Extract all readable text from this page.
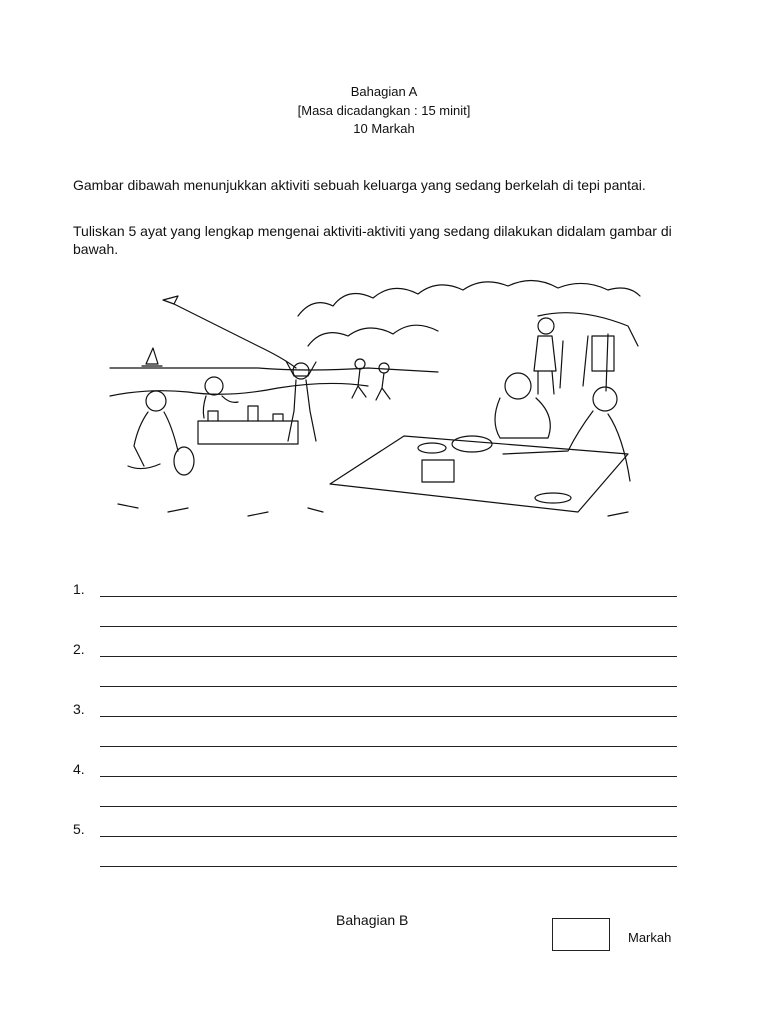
Bahagian A
[Masa dicadangkan : 15 minit]
10 Markah
Gambar dibawah menunjukkan aktiviti sebuah keluarga yang sedang berkelah di tepi pantai.
Tuliskan 5 ayat yang lengkap mengenai aktiviti-aktiviti yang sedang dilakukan didalam gambar di bawah.
1.
2.
3.
4.
5.
Bahagian B
Markah
